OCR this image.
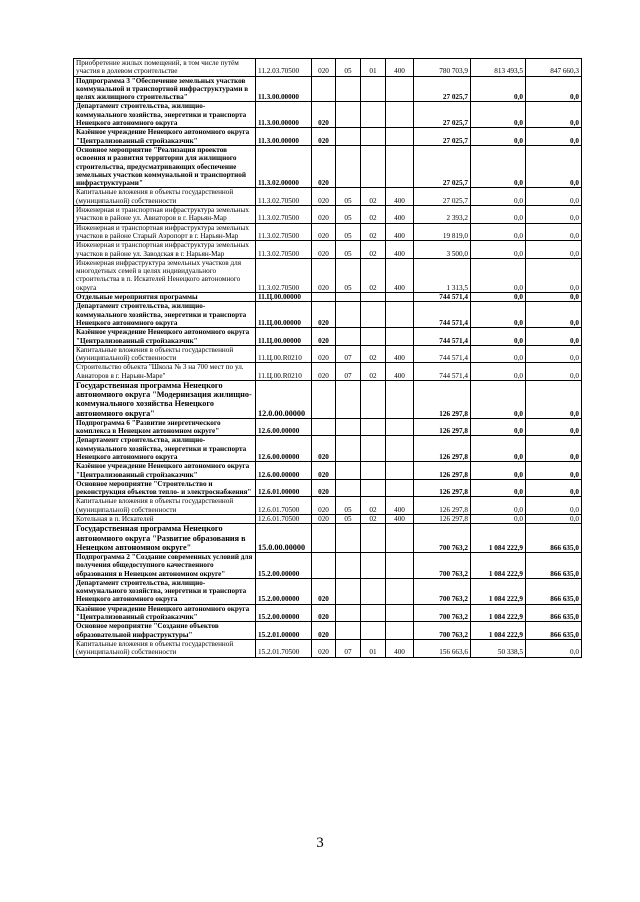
Приобретение жилых помещений, в том числе путём участия в долевом строительстве	11.2.03.70500	020	05	01	400	780 703,9	813 493,5	847 660,3
Подпрограмма 3 "Обеспечение земельных участков коммунальной и транспортной инфраструктурами в целях жилищного строительства"	11.3.00.00000					27 025,7	0,0	0,0
Департамент строительства, жилищно-коммунального хозяйства, энергетики и транспорта Ненецкого автономного округа	11.3.00.00000	020				27 025,7	0,0	0,0
Казённое учреждение Ненецкого автономного округа "Централизованный стройзаказчик"	11.3.00.00000	020				27 025,7	0,0	0,0
Основное мероприятие "Реализация проектов освоения и развития территории для жилищного строительства, предусматривающих обеспечение земельных участков коммунальной и транспортной инфраструктурами"	11.3.02.00000	020				27 025,7	0,0	0,0
Капитальные вложения в объекты государственной (муниципальной) собственности	11.3.02.70500	020	05	02	400	27 025,7	0,0	0,0
Инженерная и транспортная инфраструктура земельных участков в районе ул. Авиаторов в г. Нарьян-Мар	11.3.02.70500	020	05	02	400	2 393,2	0,0	0,0
Инженерная и транспортная инфраструктура земельных участков в районе Старый Аэропорт в г. Нарьян-Мар	11.3.02.70500	020	05	02	400	19 819,0	0,0	0,0
Инженерная и транспортная инфраструктура земельных участков в районе ул. Заводская в г. Нарьян-Мар	11.3.02.70500	020	05	02	400	3 500,0	0,0	0,0
Инженерная инфраструктура земельных участков для многодетных семей в целях индивидуального строительства в п. Искателей Ненецкого автономного округа	11.3.02.70500	020	05	02	400	1 313,5	0,0	0,0
Отдельные мероприятия программы	11.Ц.00.00000					744 571,4	0,0	0,0
Департамент строительства, жилищно-коммунального хозяйства, энергетики и транспорта Ненецкого автономного округа	11.Ц.00.00000	020				744 571,4	0,0	0,0
Казённое учреждение Ненецкого автономного округа "Централизованный стройзаказчик"	11.Ц.00.00000	020				744 571,4	0,0	0,0
Капитальные вложения в объекты государственной (муниципальной) собственности	11.Ц.00.R0210	020	07	02	400	744 571,4	0,0	0,0
Строительство объекта "Школа № 3 на 700 мест по ул. Авиаторов в г. Нарьян-Маре"	11.Ц.00.R0210	020	07	02	400	744 571,4	0,0	0,0
Государственная программа Ненецкого автономного округа "Модернизация жилищно-коммунального хозяйства Ненецкого автономного округа"	12.0.00.00000					126 297,8	0,0	0,0
Подпрограмма 6 "Развитие энергетического комплекса в Ненецком автономном округе"	12.6.00.00000					126 297,8	0,0	0,0
Департамент строительства, жилищно-коммунального хозяйства, энергетики и транспорта Ненецкого автономного округа	12.6.00.00000	020				126 297,8	0,0	0,0
Казённое учреждение Ненецкого автономного округа "Централизованный стройзаказчик"	12.6.00.00000	020				126 297,8	0,0	0,0
Основное мероприятие "Строительство и реконструкция объектов тепло- и электроснабжения"	12.6.01.00000	020				126 297,8	0,0	0,0
Капитальные вложения в объекты государственной (муниципальной) собственности	12.6.01.70500	020	05	02	400	126 297,8	0,0	0,0
Котельная в п. Искателей	12.6.01.70500	020	05	02	400	126 297,8	0,0	0,0
Государственная программа Ненецкого автономного округа "Развитие образования в Ненецком автономном округе"	15.0.00.00000					700 763,2	1 084 222,9	866 635,0
Подпрограмма 2 "Создание современных условий для получения общедоступного качественного образования в Ненецком автономном округе"	15.2.00.00000					700 763,2	1 084 222,9	866 635,0
Департамент строительства, жилищно-коммунального хозяйства, энергетики и транспорта Ненецкого автономного округа	15.2.00.00000	020				700 763,2	1 084 222,9	866 635,0
Казённое учреждение Ненецкого автономного округа "Централизованный стройзаказчик"	15.2.00.00000	020				700 763,2	1 084 222,9	866 635,0
Основное мероприятие "Создание объектов образовательной инфраструктуры"	15.2.01.00000	020				700 763,2	1 084 222,9	866 635,0
Капитальные вложения в объекты государственной (муниципальной) собственности	15.2.01.70500	020	07	01	400	156 663,6	50 338,5	0,0
3
